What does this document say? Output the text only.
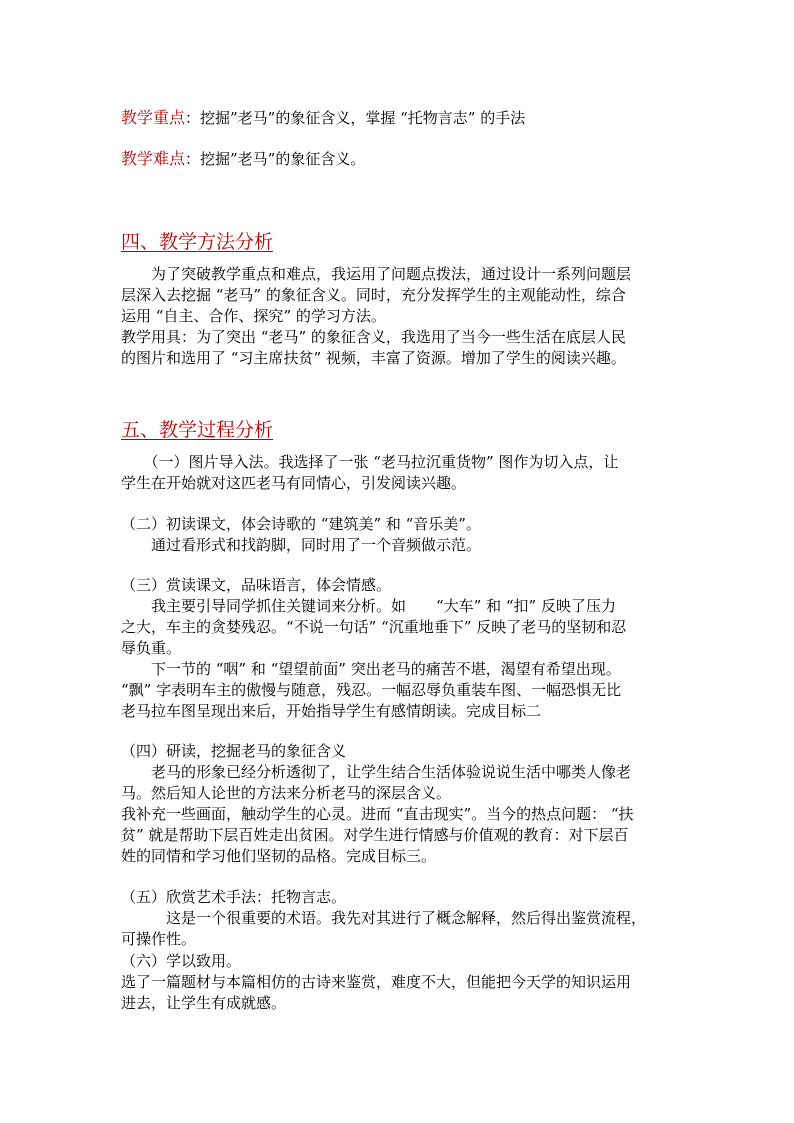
教学重点：挖掘”老马”的象征含义，掌握 “托物言志” 的手法
教学难点：挖掘”老马”的象征含义。
四、教学方法分析
　　为了突破教学重点和难点，我运用了问题点拨法，通过设计一系列问题层
层深入去挖掘 “老马” 的象征含义。同时，充分发挥学生的主观能动性，综合
运用 “自主、合作、探究” 的学习方法。
教学用具：为了突出 “老马” 的象征含义，我选用了当今一些生活在底层人民
的图片和选用了 “习主席扶贫” 视频，丰富了资源。增加了学生的阅读兴趣。
五、教学过程分析
　　（一）图片导入法。我选择了一张 “老马拉沉重货物” 图作为切入点，让
学生在开始就对这匹老马有同情心，引发阅读兴趣。
（二）初读课文，体会诗歌的 “建筑美” 和 “音乐美”。
　　通过看形式和找韵脚，同时用了一个音频做示范。
（三）赏读课文，品味语言，体会情感。
　　我主要引导同学抓住关键词来分析。如　　“大车” 和 “扣” 反映了压力
之大，车主的贪婪残忍。“不说一句话” “沉重地垂下” 反映了老马的坚韧和忍
辱负重。
　　下一节的 “咽” 和 “望望前面” 突出老马的痛苦不堪，渴望有希望出现。
“飘” 字表明车主的傲慢与随意，残忍。一幅忍辱负重装车图、一幅恐惧无比
老马拉车图呈现出来后，开始指导学生有感情朗读。完成目标二
（四）研读，挖掘老马的象征含义
　　老马的形象已经分析透彻了，让学生结合生活体验说说生活中哪类人像老
马。然后知人论世的方法来分析老马的深层含义。
我补充一些画面，触动学生的心灵。进而 “直击现实”。当今的热点问题： “扶
贫” 就是帮助下层百姓走出贫困。对学生进行情感与价值观的教育：对下层百
姓的同情和学习他们坚韧的品格。完成目标三。
（五）欣赏艺术手法：托物言志。
　　　这是一个很重要的术语。我先对其进行了概念解释，然后得出鉴赏流程，
可操作性。
（六）学以致用。
选了一篇题材与本篇相仿的古诗来鉴赏，难度不大，但能把今天学的知识运用
进去，让学生有成就感。
